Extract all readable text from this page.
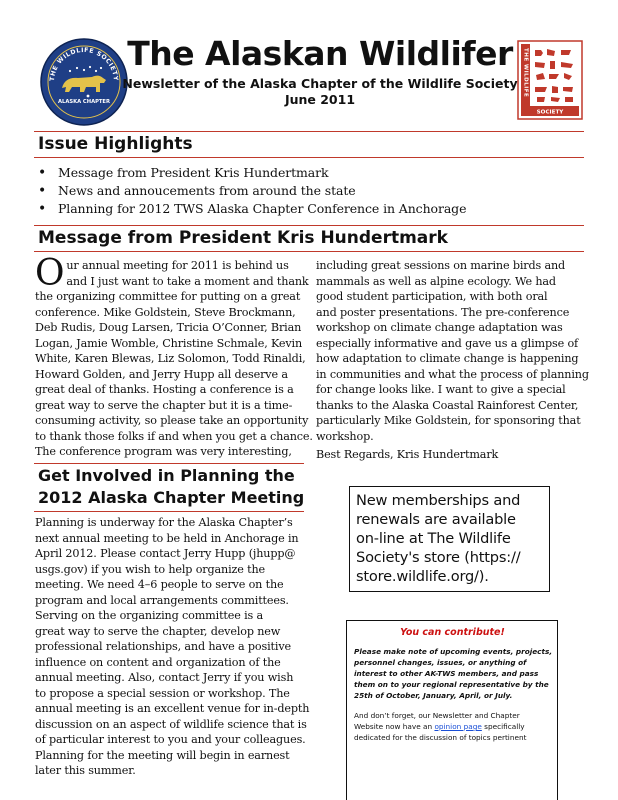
THE WILDLIFE SOCIETY
ALASKA CHAPTER
The Alaskan Wildlifer
Newsletter of the Alaska Chapter of the Wildlife Society
June 2011
THE WILDLIFE
SOCIETY
Issue Highlights
• Message from President Kris Hundertmark
• News and annoucements from around the state
• Planning for 2012 TWS Alaska Chapter Conference in Anchorage
Message from President Kris Hundertmark
O ur annual meeting for 2011 is behind us
and I just want to take a moment and thank
the organizing committee for putting on a great
conference. Mike Goldstein, Steve Brockmann,
Deb Rudis, Doug Larsen, Tricia O’Conner, Brian
Logan, Jamie Womble, Christine Schmale, Kevin
White, Karen Blewas, Liz Solomon, Todd Rinaldi,
Howard Golden, and Jerry Hupp all deserve a
great deal of thanks. Hosting a conference is a
great way to serve the chapter but it is a time-
consuming activity, so please take an opportunity
to thank those folks if and when you get a chance.
The conference program was very interesting,
including great sessions on marine birds and
mammals as well as alpine ecology. We had
good student participation, with both oral
and poster presentations. The pre-conference
workshop on climate change adaptation was
especially informative and gave us a glimpse of
how adaptation to climate change is happening
in communities and what the process of planning
for change looks like. I want to give a special
thanks to the Alaska Coastal Rainforest Center,
particularly Mike Goldstein, for sponsoring that
workshop.
Best Regards, Kris Hundertmark
Get Involved in Planning the
2012 Alaska Chapter Meeting
Planning is underway for the Alaska Chapter’s
next annual meeting to be held in Anchorage in
April 2012. Please contact Jerry Hupp (jhupp@
usgs.gov) if you wish to help organize the
meeting. We need 4–6 people to serve on the
program and local arrangements committees.
Serving on the organizing committee is a
great way to serve the chapter, develop new
professional relationships, and have a positive
influence on content and organization of the
annual meeting. Also, contact Jerry if you wish
to propose a special session or workshop. The
annual meeting is an excellent venue for in-depth
discussion on an aspect of wildlife science that is
of particular interest to you and your colleagues.
Planning for the meeting will begin in earnest
later this summer.
New memberships and
renewals are available
on-line at The Wildlife
Society's store (https://
store.wildlife.org/).
You can contribute!
Please make note of upcoming events, projects,
personnel changes, issues, or anything of
interest to other AK-TWS members, and pass
them on to your regional representative by the
25th of October, January, April, or July.
And don’t forget, our Newsletter and Chapter
Website now have an opinion page specifically
dedicated for the discussion of topics pertinent
